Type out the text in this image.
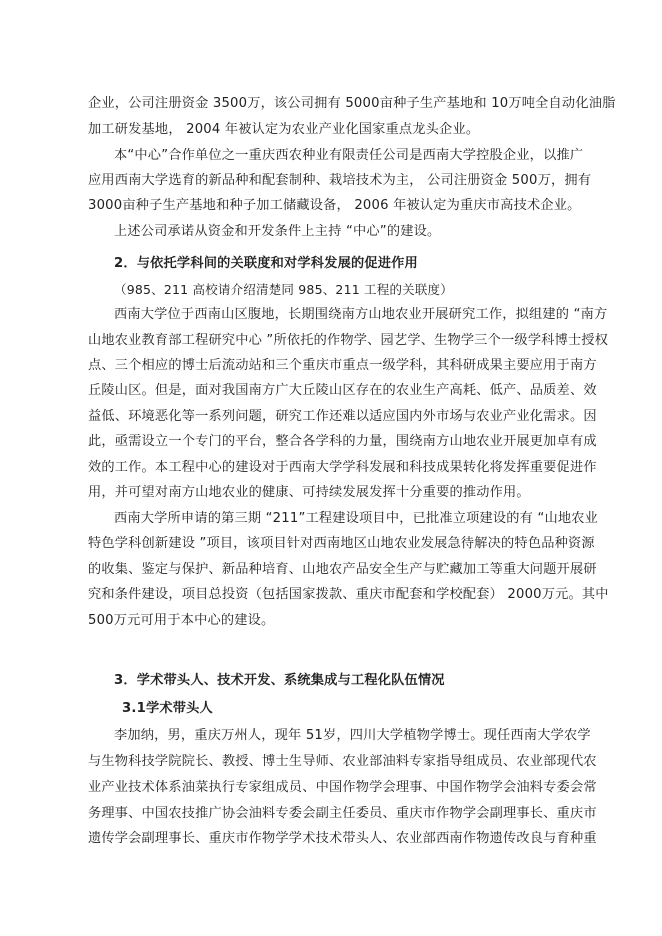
企业，公司注册资金 3500万，该公司拥有 5000亩种子生产基地和 10万吨全自动化油脂
加工研发基地， 2004 年被认定为农业产业化国家重点龙头企业。
本“中心”合作单位之一重庆西农种业有限责任公司是西南大学控股企业，以推广
应用西南大学选育的新品种和配套制种、栽培技术为主， 公司注册资金 500万，拥有
3000亩种子生产基地和种子加工储藏设备， 2006 年被认定为重庆市高技术企业。
上述公司承诺从资金和开发条件上主持 “中心”的建设。
2．与依托学科间的关联度和对学科发展的促进作用
（985、211 高校请介绍清楚同 985、211 工程的关联度）
西南大学位于西南山区腹地，长期围绕南方山地农业开展研究工作，拟组建的 “南方
山地农业教育部工程研究中心 ”所依托的作物学、园艺学、生物学三个一级学科博士授权
点、三个相应的博士后流动站和三个重庆市重点一级学科，其科研成果主要应用于南方
丘陵山区。但是，面对我国南方广大丘陵山区存在的农业生产高耗、低产、品质差、效
益低、环境恶化等一系列问题，研究工作还难以适应国内外市场与农业产业化需求。因
此，亟需设立一个专门的平台，整合各学科的力量，围绕南方山地农业开展更加卓有成
效的工作。本工程中心的建设对于西南大学学科发展和科技成果转化将发挥重要促进作
用，并可望对南方山地农业的健康、可持续发展发挥十分重要的推动作用。
西南大学所申请的第三期 “211”工程建设项目中，已批准立项建设的有 “山地农业
特色学科创新建设 ”项目，该项目针对西南地区山地农业发展急待解决的特色品种资源
的收集、鉴定与保护、新品种培育、山地农产品安全生产与贮藏加工等重大问题开展研
究和条件建设，项目总投资（包括国家拨款、重庆市配套和学校配套） 2000万元。其中
500万元可用于本中心的建设。
3．学术带头人、技术开发、系统集成与工程化队伍情况
3.1学术带头人
李加纳，男，重庆万州人，现年 51岁，四川大学植物学博士。现任西南大学农学
与生物科技学院院长、教授、博士生导师、农业部油料专家指导组成员、农业部现代农
业产业技术体系油菜执行专家组成员、中国作物学会理事、中国作物学会油料专委会常
务理事、中国农技推广协会油料专委会副主任委员、重庆市作物学会副理事长、重庆市
遗传学会副理事长、重庆市作物学学术技术带头人、农业部西南作物遗传改良与育种重
